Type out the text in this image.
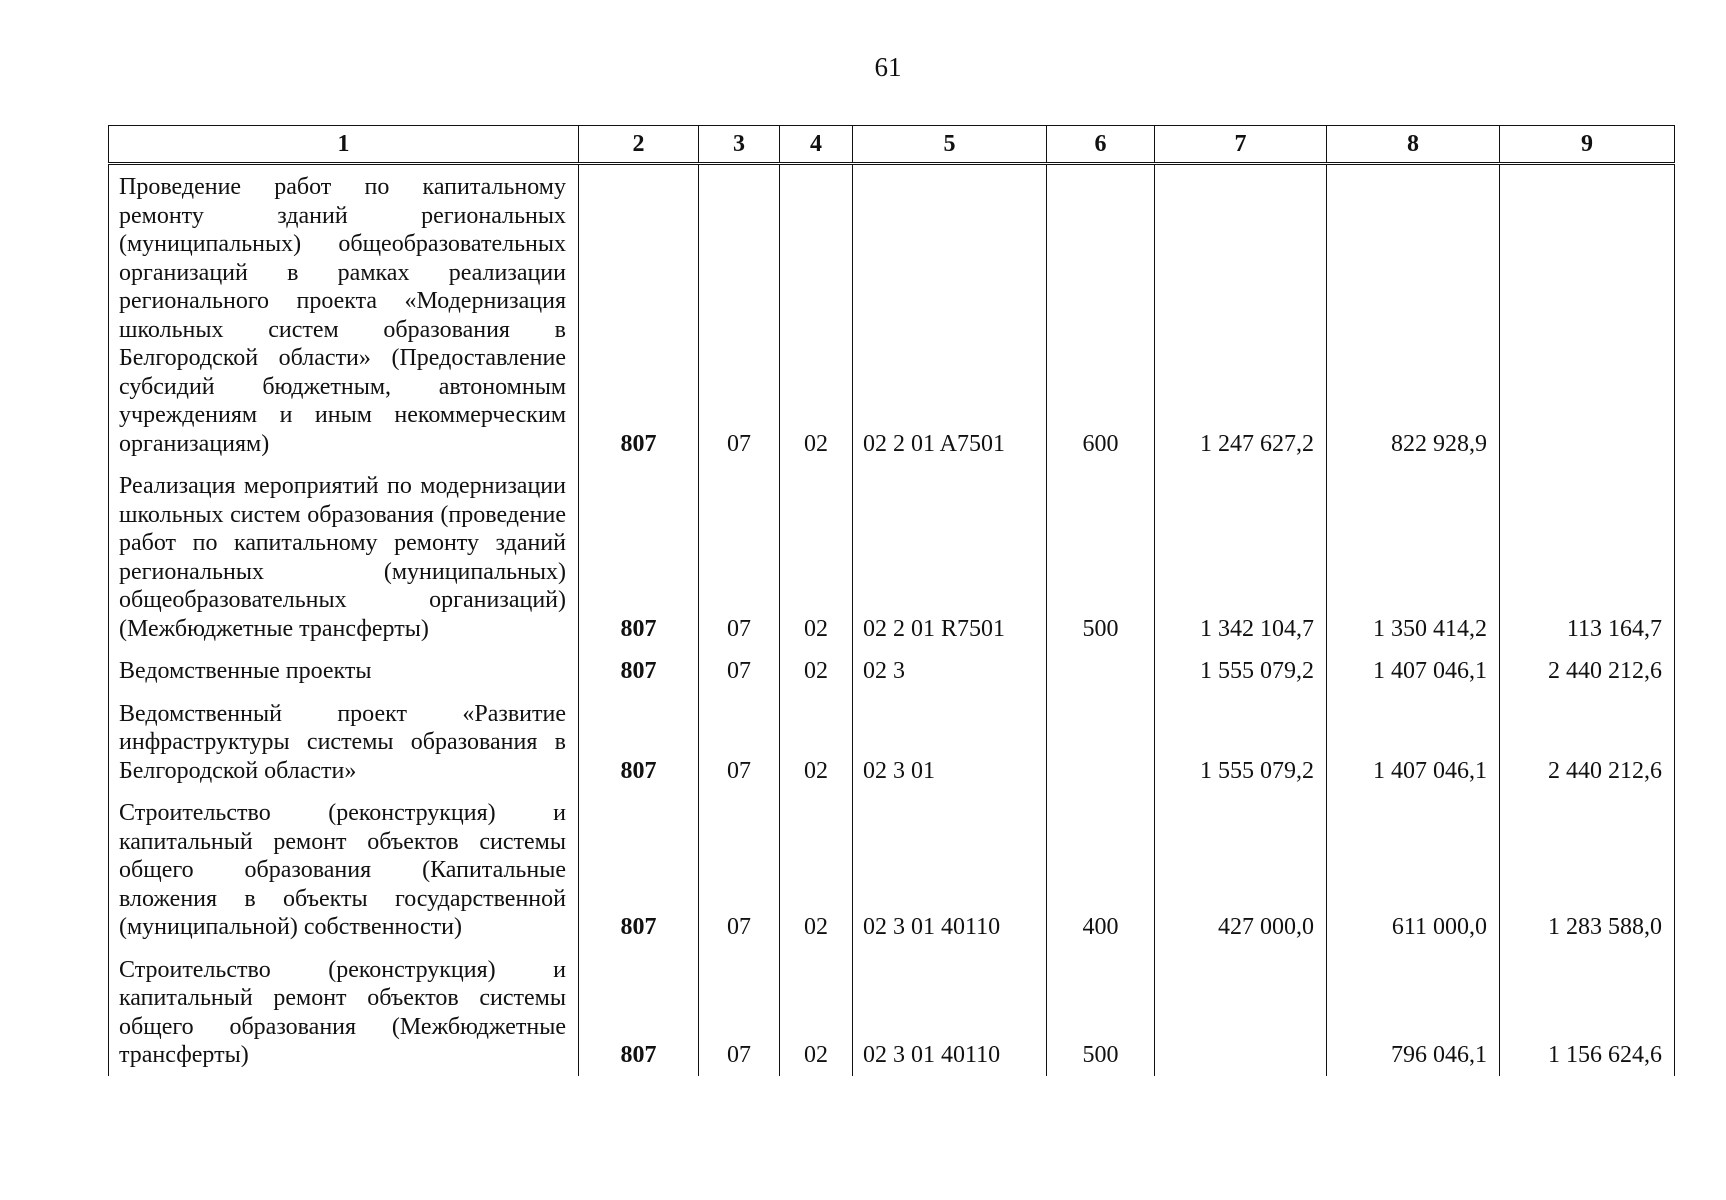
61
1	2	3	4	5	6	7	8	9
Проведение работ по капитальному ремонту зданий региональных (муниципальных) общеобразовательных организаций в рамках реализации регионального проекта «Модернизация школьных систем образования в Белгородской области» (Предоставление субсидий бюджетным, автономным учреждениям и иным некоммерческим организациям)	807	07	02	02 2 01 A7501	600	1 247 627,2	822 928,9	
Реализация мероприятий по модернизации школьных систем образования (проведение работ по капитальному ремонту зданий региональных (муниципальных) общеобразовательных организаций) (Межбюджетные трансферты)	807	07	02	02 2 01 R7501	500	1 342 104,7	1 350 414,2	113 164,7
Ведомственные проекты	807	07	02	02 3		1 555 079,2	1 407 046,1	2 440 212,6
Ведомственный проект «Развитие инфраструктуры системы образования в Белгородской области»	807	07	02	02 3 01		1 555 079,2	1 407 046,1	2 440 212,6
Строительство (реконструкция) и капитальный ремонт объектов системы общего образования (Капитальные вложения в объекты государственной (муниципальной) собственности)	807	07	02	02 3 01 40110	400	427 000,0	611 000,0	1 283 588,0
Строительство (реконструкция) и капитальный ремонт объектов системы общего образования (Межбюджетные трансферты)	807	07	02	02 3 01 40110	500		796 046,1	1 156 624,6
